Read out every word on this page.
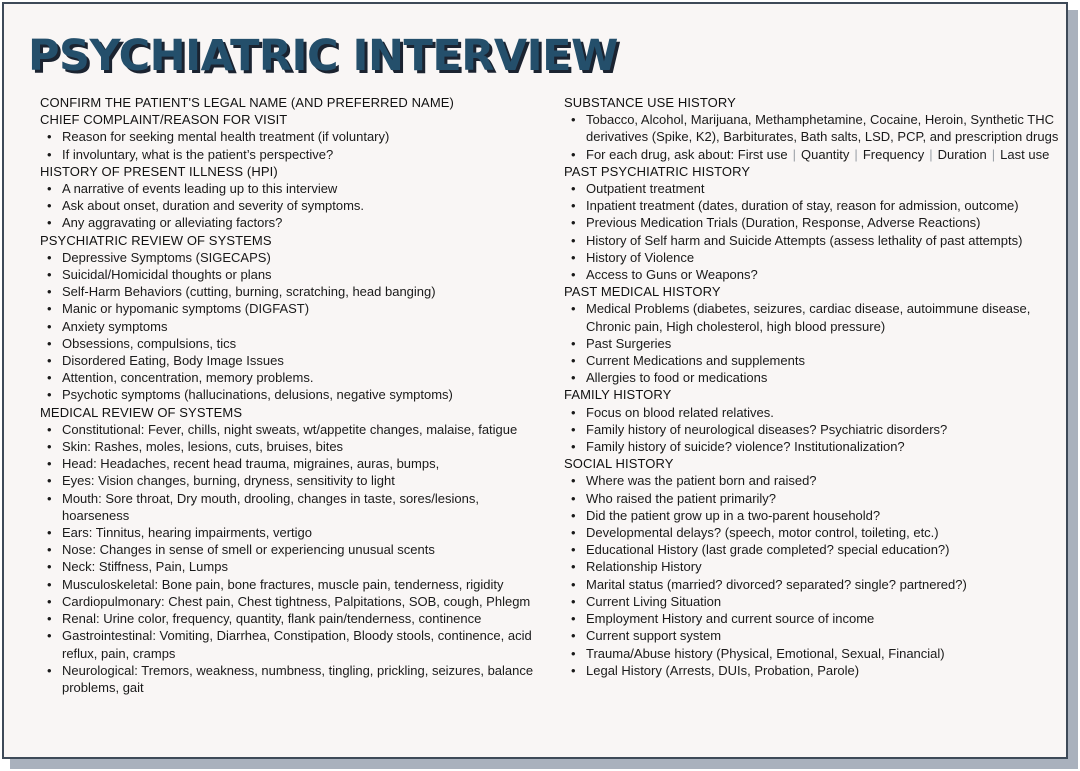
PSYCHIATRIC INTERVIEW
CONFIRM THE PATIENT'S LEGAL NAME (AND PREFERRED NAME)
CHIEF COMPLAINT/REASON FOR VISIT
• Reason for seeking mental health treatment (if voluntary)
• If involuntary, what is the patient’s perspective?
HISTORY OF PRESENT ILLNESS (HPI)
• A narrative of events leading up to this interview
• Ask about onset, duration and severity of symptoms.
• Any aggravating or alleviating factors?
PSYCHIATRIC REVIEW OF SYSTEMS
• Depressive Symptoms (SIGECAPS)
• Suicidal/Homicidal thoughts or plans
• Self-Harm Behaviors (cutting, burning, scratching, head banging)
• Manic or hypomanic symptoms (DIGFAST)
• Anxiety symptoms
• Obsessions, compulsions, tics
• Disordered Eating, Body Image Issues
• Attention, concentration, memory problems.
• Psychotic symptoms (hallucinations, delusions, negative symptoms)
MEDICAL REVIEW OF SYSTEMS
• Constitutional: Fever, chills, night sweats, wt/appetite changes, malaise, fatigue
• Skin: Rashes, moles, lesions, cuts, bruises, bites
• Head: Headaches, recent head trauma, migraines, auras, bumps,
• Eyes: Vision changes, burning, dryness, sensitivity to light
• Mouth: Sore throat, Dry mouth, drooling, changes in taste, sores/lesions, hoarseness
• Ears: Tinnitus, hearing impairments, vertigo
• Nose: Changes in sense of smell or experiencing unusual scents
• Neck: Stiffness, Pain, Lumps
• Musculoskeletal: Bone pain, bone fractures, muscle pain, tenderness, rigidity
• Cardiopulmonary: Chest pain, Chest tightness, Palpitations, SOB, cough, Phlegm
• Renal: Urine color, frequency, quantity, flank pain/tenderness, continence
• Gastrointestinal: Vomiting, Diarrhea, Constipation, Bloody stools, continence, acid reflux, pain, cramps
• Neurological: Tremors, weakness, numbness, tingling, prickling, seizures, balance problems, gait
SUBSTANCE USE HISTORY
• Tobacco, Alcohol, Marijuana, Methamphetamine, Cocaine, Heroin, Synthetic THC derivatives (Spike, K2), Barbiturates, Bath salts, LSD, PCP, and prescription drugs
• For each drug, ask about: First use | Quantity | Frequency | Duration | Last use
PAST PSYCHIATRIC HISTORY
• Outpatient treatment
• Inpatient treatment (dates, duration of stay, reason for admission, outcome)
• Previous Medication Trials (Duration, Response, Adverse Reactions)
• History of Self harm and Suicide Attempts (assess lethality of past attempts)
• History of Violence
• Access to Guns or Weapons?
PAST MEDICAL HISTORY
• Medical Problems (diabetes, seizures, cardiac disease, autoimmune disease, Chronic pain, High cholesterol, high blood pressure)
• Past Surgeries
• Current Medications and supplements
• Allergies to food or medications
FAMILY HISTORY
• Focus on blood related relatives.
• Family history of neurological diseases? Psychiatric disorders?
• Family history of suicide? violence? Institutionalization?
SOCIAL HISTORY
• Where was the patient born and raised?
• Who raised the patient primarily?
• Did the patient grow up in a two-parent household?
• Developmental delays? (speech, motor control, toileting, etc.)
• Educational History (last grade completed? special education?)
• Relationship History
• Marital status (married? divorced? separated? single? partnered?)
• Current Living Situation
• Employment History and current source of income
• Current support system
• Trauma/Abuse history (Physical, Emotional, Sexual, Financial)
• Legal History (Arrests, DUIs, Probation, Parole)
